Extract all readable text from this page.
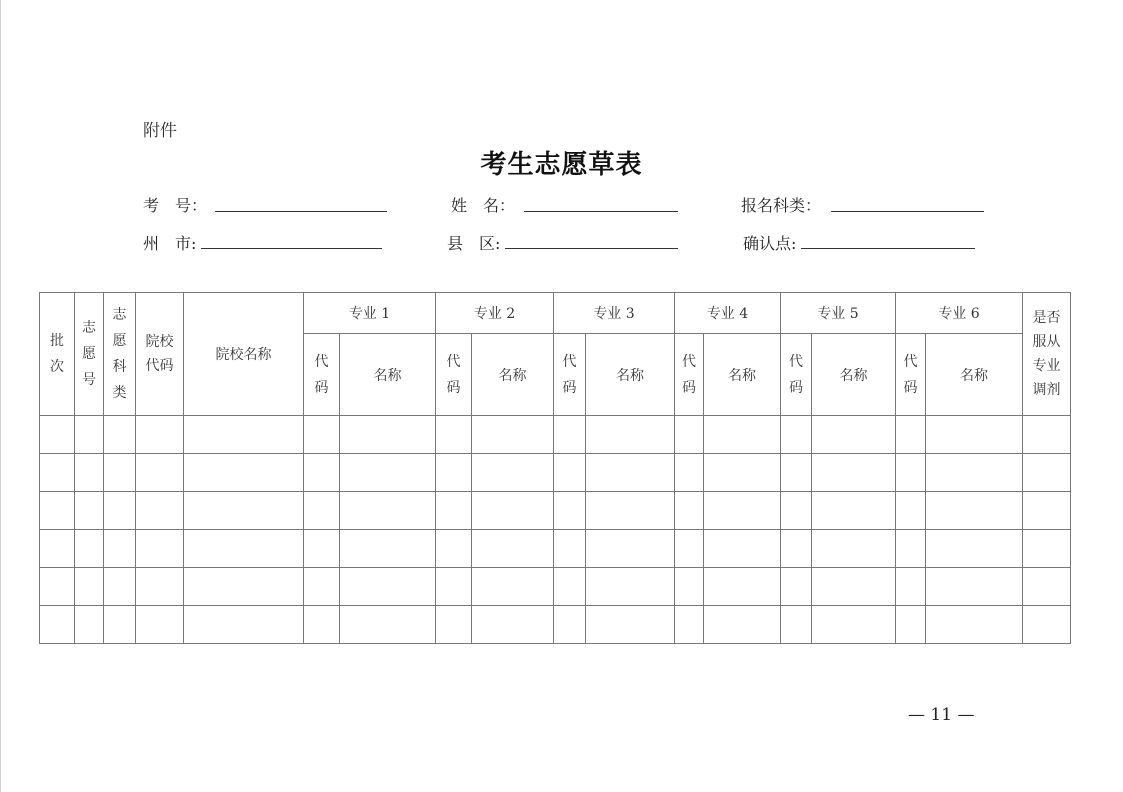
附件
考生志愿草表
考　号：	姓　名：	报名科类：
州　市:	县　区:	确认点:
批次	志愿号	志愿科类	院校代码	院校名称	专业 1		专业 2		专业 3		专业 4		专业 5		专业 6		是否服从专业调剂
					代码	名称	代码	名称	代码	名称	代码	名称	代码	名称	代码	名称	

— 11 —
